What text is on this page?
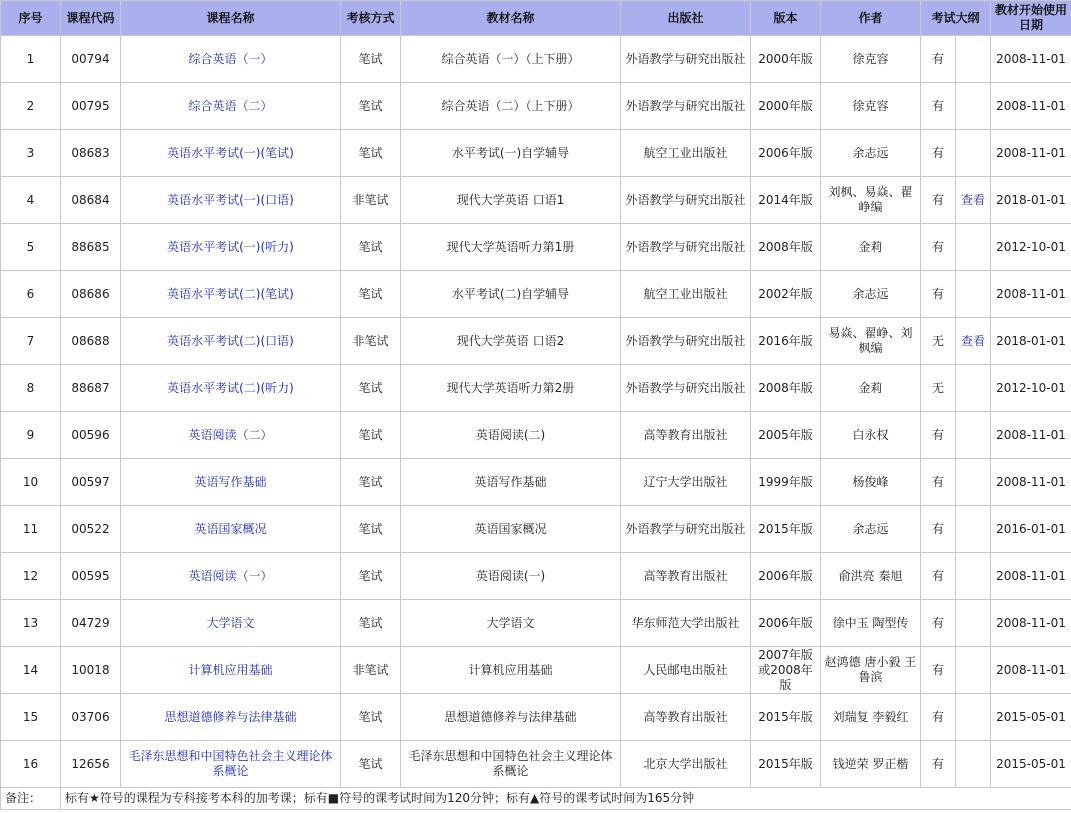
序号	课程代码	课程名称	考核方式	教材名称	出版社	版本	作者	考试大纲		教材开始使用日期
1	00794	综合英语（一）	笔试	综合英语（一）（上下册）	外语教学与研究出版社	2000年版	徐克容	有		2008-11-01
2	00795	综合英语（二）	笔试	综合英语（二）（上下册）	外语教学与研究出版社	2000年版	徐克容	有		2008-11-01
3	08683	英语水平考试(一)(笔试)	笔试	水平考试(一)自学辅导	航空工业出版社	2006年版	余志远	有		2008-11-01
4	08684	英语水平考试(一)(口语)	非笔试	现代大学英语 口语1	外语教学与研究出版社	2014年版	刘枫、易焱、翟峥编	有	查看	2018-01-01
5	88685	英语水平考试(一)(听力)	笔试	现代大学英语听力第1册	外语教学与研究出版社	2008年版	金莉	有		2012-10-01
6	08686	英语水平考试(二)(笔试)	笔试	水平考试(二)自学辅导	航空工业出版社	2002年版	余志远	有		2008-11-01
7	08688	英语水平考试(二)(口语)	非笔试	现代大学英语 口语2	外语教学与研究出版社	2016年版	易焱、翟峥、刘枫编	无	查看	2018-01-01
8	88687	英语水平考试(二)(听力)	笔试	现代大学英语听力第2册	外语教学与研究出版社	2008年版	金莉	无		2012-10-01
9	00596	英语阅读（二）	笔试	英语阅读(二)	高等教育出版社	2005年版	白永权	有		2008-11-01
10	00597	英语写作基础	笔试	英语写作基础	辽宁大学出版社	1999年版	杨俊峰	有		2008-11-01
11	00522	英语国家概况	笔试	英语国家概况	外语教学与研究出版社	2015年版	余志远	有		2016-01-01
12	00595	英语阅读（一）	笔试	英语阅读(一)	高等教育出版社	2006年版	俞洪亮 秦旭	有		2008-11-01
13	04729	大学语文	笔试	大学语文	华东师范大学出版社	2006年版	徐中玉 陶型传	有		2008-11-01
14	10018	计算机应用基础	非笔试	计算机应用基础	人民邮电出版社	2007年版或2008年版	赵鸿德 唐小毅 王鲁滨	有		2008-11-01
15	03706	思想道德修养与法律基础	笔试	思想道德修养与法律基础	高等教育出版社	2015年版	刘瑞复 李毅红	有		2015-05-01
16	12656	毛泽东思想和中国特色社会主义理论体系概论	笔试	毛泽东思想和中国特色社会主义理论体系概论	北京大学出版社	2015年版	钱逆荣 罗正楷	有		2015-05-01
备注：	标有★符号的课程为专科接考本科的加考课；标有■符号的课考试时间为120分钟；标有▲符号的课考试时间为165分钟									
